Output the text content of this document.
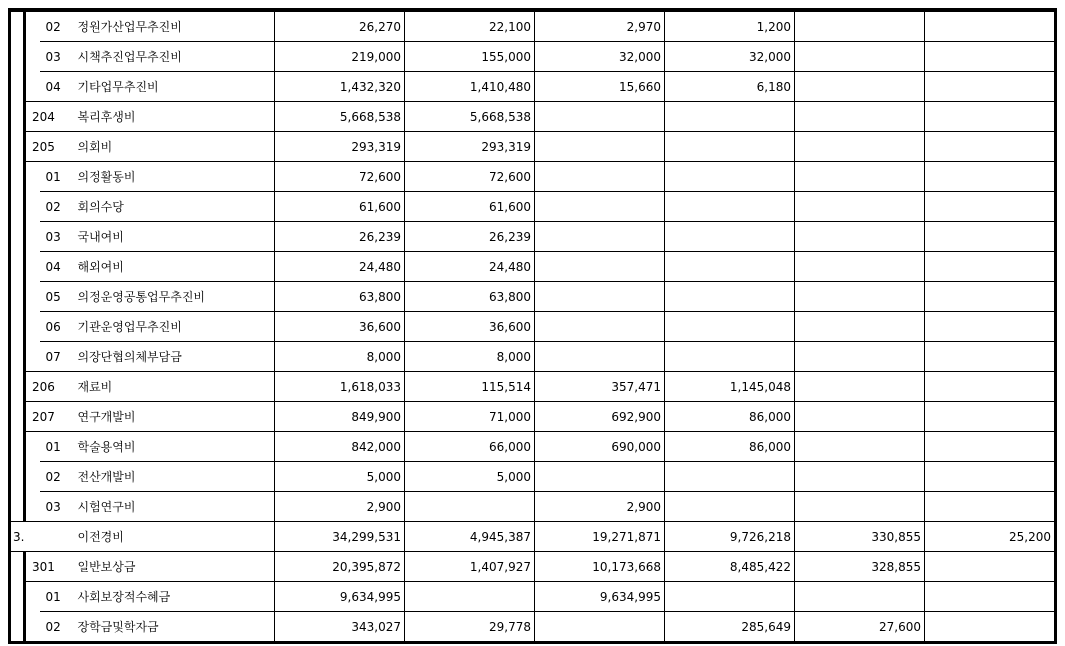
		02	정원가산업무추진비	26,270	22,100	2,970	1,200		
		03	시책추진업무추진비	219,000	155,000	32,000	32,000		
		04	기타업무추진비	1,432,320	1,410,480	15,660	6,180		
	204		복리후생비	5,668,538	5,668,538				
	205		의회비	293,319	293,319				
		01	의정활동비	72,600	72,600				
		02	회의수당	61,600	61,600				
		03	국내여비	26,239	26,239				
		04	해외여비	24,480	24,480				
		05	의정운영공통업무추진비	63,800	63,800				
		06	기관운영업무추진비	36,600	36,600				
		07	의장단협의체부담금	8,000	8,000				
	206		재료비	1,618,033	115,514	357,471	1,145,048		
	207		연구개발비	849,900	71,000	692,900	86,000		
		01	학술용역비	842,000	66,000	690,000	86,000		
		02	전산개발비	5,000	5,000				
		03	시험연구비	2,900		2,900			
3.			이전경비	34,299,531	4,945,387	19,271,871	9,726,218	330,855	25,200
	301		일반보상금	20,395,872	1,407,927	10,173,668	8,485,422	328,855	
		01	사회보장적수혜금	9,634,995		9,634,995			
		02	장학금및학자금	343,027	29,778		285,649	27,600	
